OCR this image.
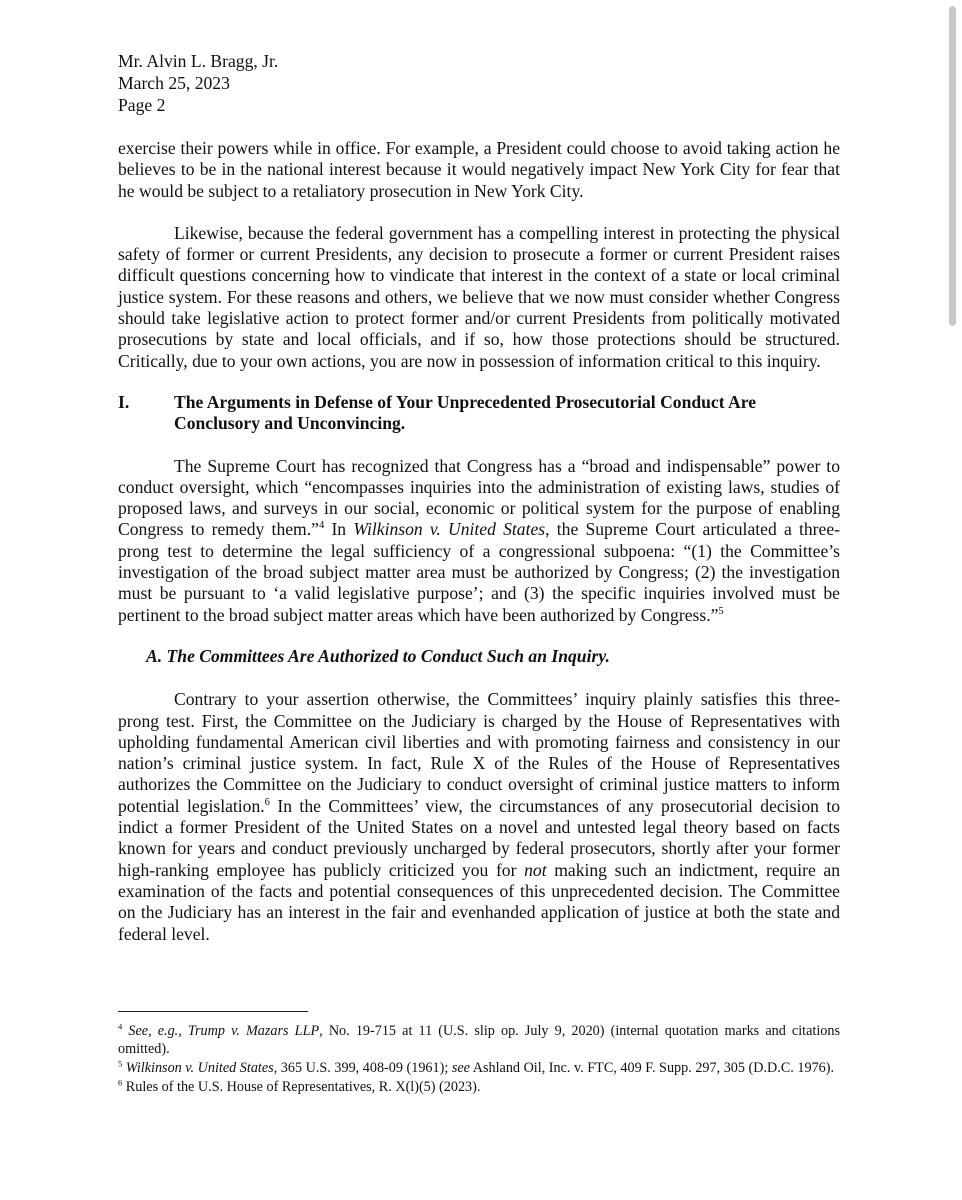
Mr. Alvin L. Bragg, Jr.
March 25, 2023
Page 2

exercise their powers while in office. For example, a President could choose to avoid taking action he believes to be in the national interest because it would negatively impact New York City for fear that he would be subject to a retaliatory prosecution in New York City.

Likewise, because the federal government has a compelling interest in protecting the physical safety of former or current Presidents, any decision to prosecute a former or current President raises difficult questions concerning how to vindicate that interest in the context of a state or local criminal justice system. For these reasons and others, we believe that we now must consider whether Congress should take legislative action to protect former and/or current Presidents from politically motivated prosecutions by state and local officials, and if so, how those protections should be structured. Critically, due to your own actions, you are now in possession of information critical to this inquiry.

I.	The Arguments in Defense of Your Unprecedented Prosecutorial Conduct Are Conclusory and Unconvincing.

The Supreme Court has recognized that Congress has a “broad and indispensable” power to conduct oversight, which “encompasses inquiries into the administration of existing laws, studies of proposed laws, and surveys in our social, economic or political system for the purpose of enabling Congress to remedy them.”$^4$ In Wilkinson v. United States, the Supreme Court articulated a three-prong test to determine the legal sufficiency of a congressional subpoena: “(1) the Committee’s investigation of the broad subject matter area must be authorized by Congress; (2) the investigation must be pursuant to ‘a valid legislative purpose’; and (3) the specific inquiries involved must be pertinent to the broad subject matter areas which have been authorized by Congress.”$^5$

A. The Committees Are Authorized to Conduct Such an Inquiry.

Contrary to your assertion otherwise, the Committees’ inquiry plainly satisfies this three-prong test. First, the Committee on the Judiciary is charged by the House of Representatives with upholding fundamental American civil liberties and with promoting fairness and consistency in our nation’s criminal justice system. In fact, Rule X of the Rules of the House of Representatives authorizes the Committee on the Judiciary to conduct oversight of criminal justice matters to inform potential legislation.$^6$ In the Committees’ view, the circumstances of any prosecutorial decision to indict a former President of the United States on a novel and untested legal theory based on facts known for years and conduct previously uncharged by federal prosecutors, shortly after your former high-ranking employee has publicly criticized you for not making such an indictment, require an examination of the facts and potential consequences of this unprecedented decision. The Committee on the Judiciary has an interest in the fair and evenhanded application of justice at both the state and federal level.

$^4$ See, e.g., Trump v. Mazars LLP, No. 19-715 at 11 (U.S. slip op. July 9, 2020) (internal quotation marks and citations omitted).
$^5$ Wilkinson v. United States, 365 U.S. 399, 408-09 (1961); see Ashland Oil, Inc. v. FTC, 409 F. Supp. 297, 305 (D.D.C. 1976).
$^6$ Rules of the U.S. House of Representatives, R. X(l)(5) (2023).
